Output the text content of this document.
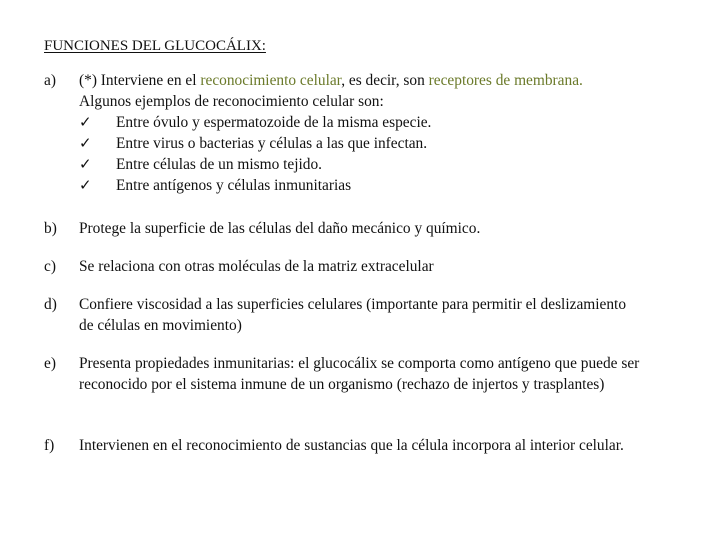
FUNCIONES DEL GLUCOCÁLIX:
a) (*) Interviene en el reconocimiento celular, es decir, son receptores de membrana.
Algunos ejemplos de reconocimiento celular son:
✓ Entre óvulo y espermatozoide de la misma especie.
✓ Entre virus o bacterias y células a las que infectan.
✓ Entre células de un mismo tejido.
✓ Entre antígenos y células inmunitarias
b) Protege la superficie de las células del daño mecánico y químico.
c) Se relaciona con otras moléculas de la matriz extracelular
d) Confiere viscosidad a las superficies celulares (importante para permitir el deslizamiento de células en movimiento)
e) Presenta propiedades inmunitarias: el glucocálix se comporta como antígeno que puede ser reconocido por el sistema inmune de un organismo (rechazo de injertos y trasplantes)
f) Intervienen en el reconocimiento de sustancias que la célula incorpora al interior celular.
